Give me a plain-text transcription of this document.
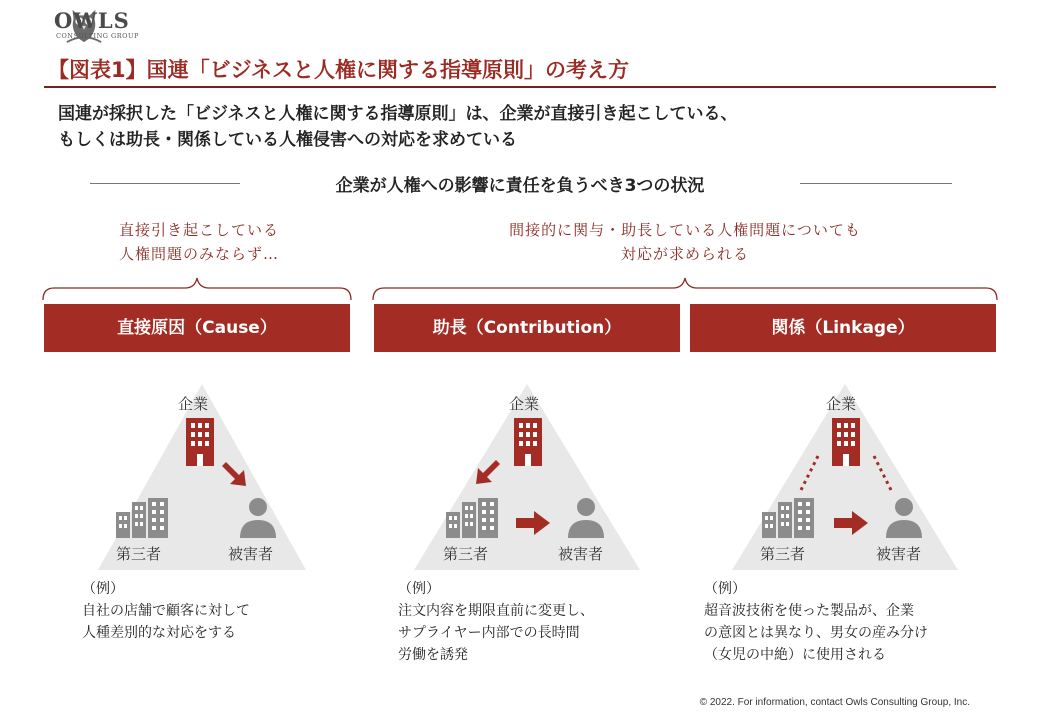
OWLS
CONSULTING GROUP
【図表1】国連「ビジネスと人権に関する指導原則」の考え方
国連が採択した「ビジネスと人権に関する指導原則」は、企業が直接引き起こしている、
もしくは助長・関係している人権侵害への対応を求めている
企業が人権への影響に責任を負うべき3つの状況
直接引き起こしている
人権問題のみならず…
間接的に関与・助長している人権問題についても
対応が求められる
直接原因（Cause）	助長（Contribution）	関係（Linkage）
企業
第三者	被害者
（例）
自社の店舗で顧客に対して
人種差別的な対応をする
企業
第三者	被害者
（例）
注文内容を期限直前に変更し、
サプライヤー内部での長時間
労働を誘発
企業
第三者	被害者
（例）
超音波技術を使った製品が、企業
の意図とは異なり、男女の産み分け
（女児の中絶）に使用される
© 2022. For information, contact Owls Consulting Group, Inc.
